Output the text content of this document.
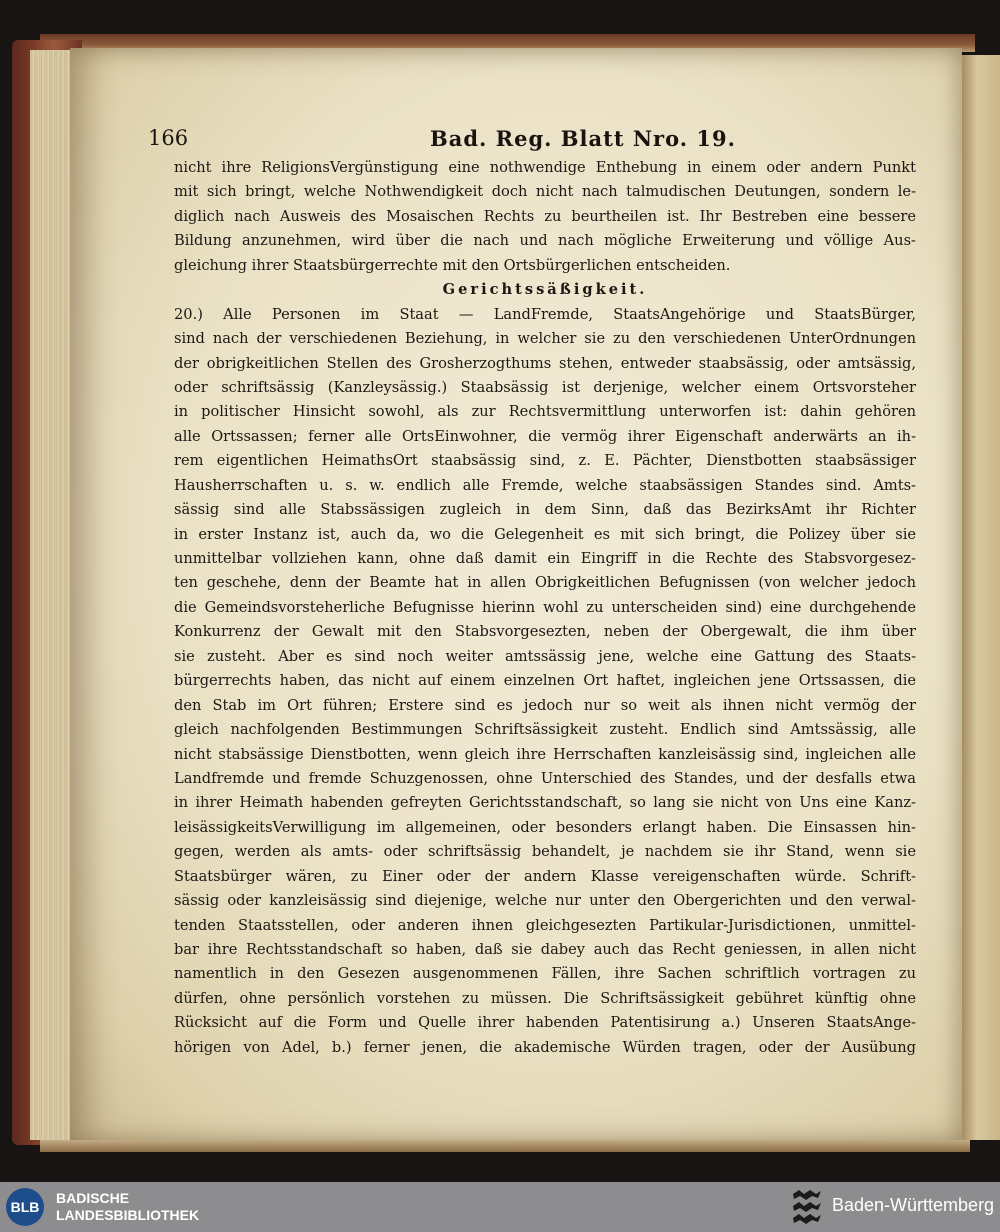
166	Bad. Reg. Blatt Nro. 19.
nicht ihre ReligionsVergünstigung eine nothwendige Enthebung in einem oder andern Punkt
mit sich bringt, welche Nothwendigkeit doch nicht nach talmudischen Deutungen, sondern le-
diglich nach Ausweis des Mosaischen Rechts zu beurtheilen ist. Ihr Bestreben eine bessere
Bildung anzunehmen, wird über die nach und nach mögliche Erweiterung und völlige Aus-
gleichung ihrer Staatsbürgerrechte mit den Ortsbürgerlichen entscheiden.
Gerichtssäßigkeit.
20.) Alle Personen im Staat — LandFremde, StaatsAngehörige und StaatsBürger,
sind nach der verschiedenen Beziehung, in welcher sie zu den verschiedenen UnterOrdnungen
der obrigkeitlichen Stellen des Grosherzogthums stehen, entweder staabsässig, oder amtsässig,
oder schriftsässig (Kanzleysässig.) Staabsässig ist derjenige, welcher einem Ortsvorsteher
in politischer Hinsicht sowohl, als zur Rechtsvermittlung unterworfen ist: dahin gehören
alle Ortssassen; ferner alle OrtsEinwohner, die vermög ihrer Eigenschaft anderwärts an ih-
rem eigentlichen HeimathsOrt staabsässig sind, z. E. Pächter, Dienstbotten staabsässiger
Hausherrschaften u. s. w. endlich alle Fremde, welche staabsässigen Standes sind. Amts-
sässig sind alle Stabssässigen zugleich in dem Sinn, daß das BezirksAmt ihr Richter
in erster Instanz ist, auch da, wo die Gelegenheit es mit sich bringt, die Polizey über sie
unmittelbar vollziehen kann, ohne daß damit ein Eingriff in die Rechte des Stabsvorgesez-
ten geschehe, denn der Beamte hat in allen Obrigkeitlichen Befugnissen (von welcher jedoch
die Gemeindsvorsteherliche Befugnisse hierinn wohl zu unterscheiden sind) eine durchgehende
Konkurrenz der Gewalt mit den Stabsvorgesezten, neben der Obergewalt, die ihm über
sie zusteht. Aber es sind noch weiter amtssässig jene, welche eine Gattung des Staats-
bürgerrechts haben, das nicht auf einem einzelnen Ort haftet, ingleichen jene Ortssassen, die
den Stab im Ort führen; Erstere sind es jedoch nur so weit als ihnen nicht vermög der
gleich nachfolgenden Bestimmungen Schriftsässigkeit zusteht. Endlich sind Amtssässig, alle
nicht stabsässige Dienstbotten, wenn gleich ihre Herrschaften kanzleisässig sind, ingleichen alle
Landfremde und fremde Schuzgenossen, ohne Unterschied des Standes, und der desfalls etwa
in ihrer Heimath habenden gefreyten Gerichtsstandschaft, so lang sie nicht von Uns eine Kanz-
leisässigkeitsVerwilligung im allgemeinen, oder besonders erlangt haben. Die Einsassen hin-
gegen, werden als amts- oder schriftsässig behandelt, je nachdem sie ihr Stand, wenn sie
Staatsbürger wären, zu Einer oder der andern Klasse vereigenschaften würde. Schrift-
sässig oder kanzleisässig sind diejenige, welche nur unter den Obergerichten und den verwal-
tenden Staatsstellen, oder anderen ihnen gleichgesezten Partikular-Jurisdictionen, unmittel-
bar ihre Rechtsstandschaft so haben, daß sie dabey auch das Recht geniessen, in allen nicht
namentlich in den Gesezen ausgenommenen Fällen, ihre Sachen schriftlich vortragen zu
dürfen, ohne persönlich vorstehen zu müssen. Die Schriftsässigkeit gebühret künftig ohne
Rücksicht auf die Form und Quelle ihrer habenden Patentisirung a.) Unseren StaatsAnge-
hörigen von Adel, b.) ferner jenen, die akademische Würden tragen, oder der Ausübung
BLB
BADISCHE
LANDESBIBLIOTHEK	Baden-Württemberg
